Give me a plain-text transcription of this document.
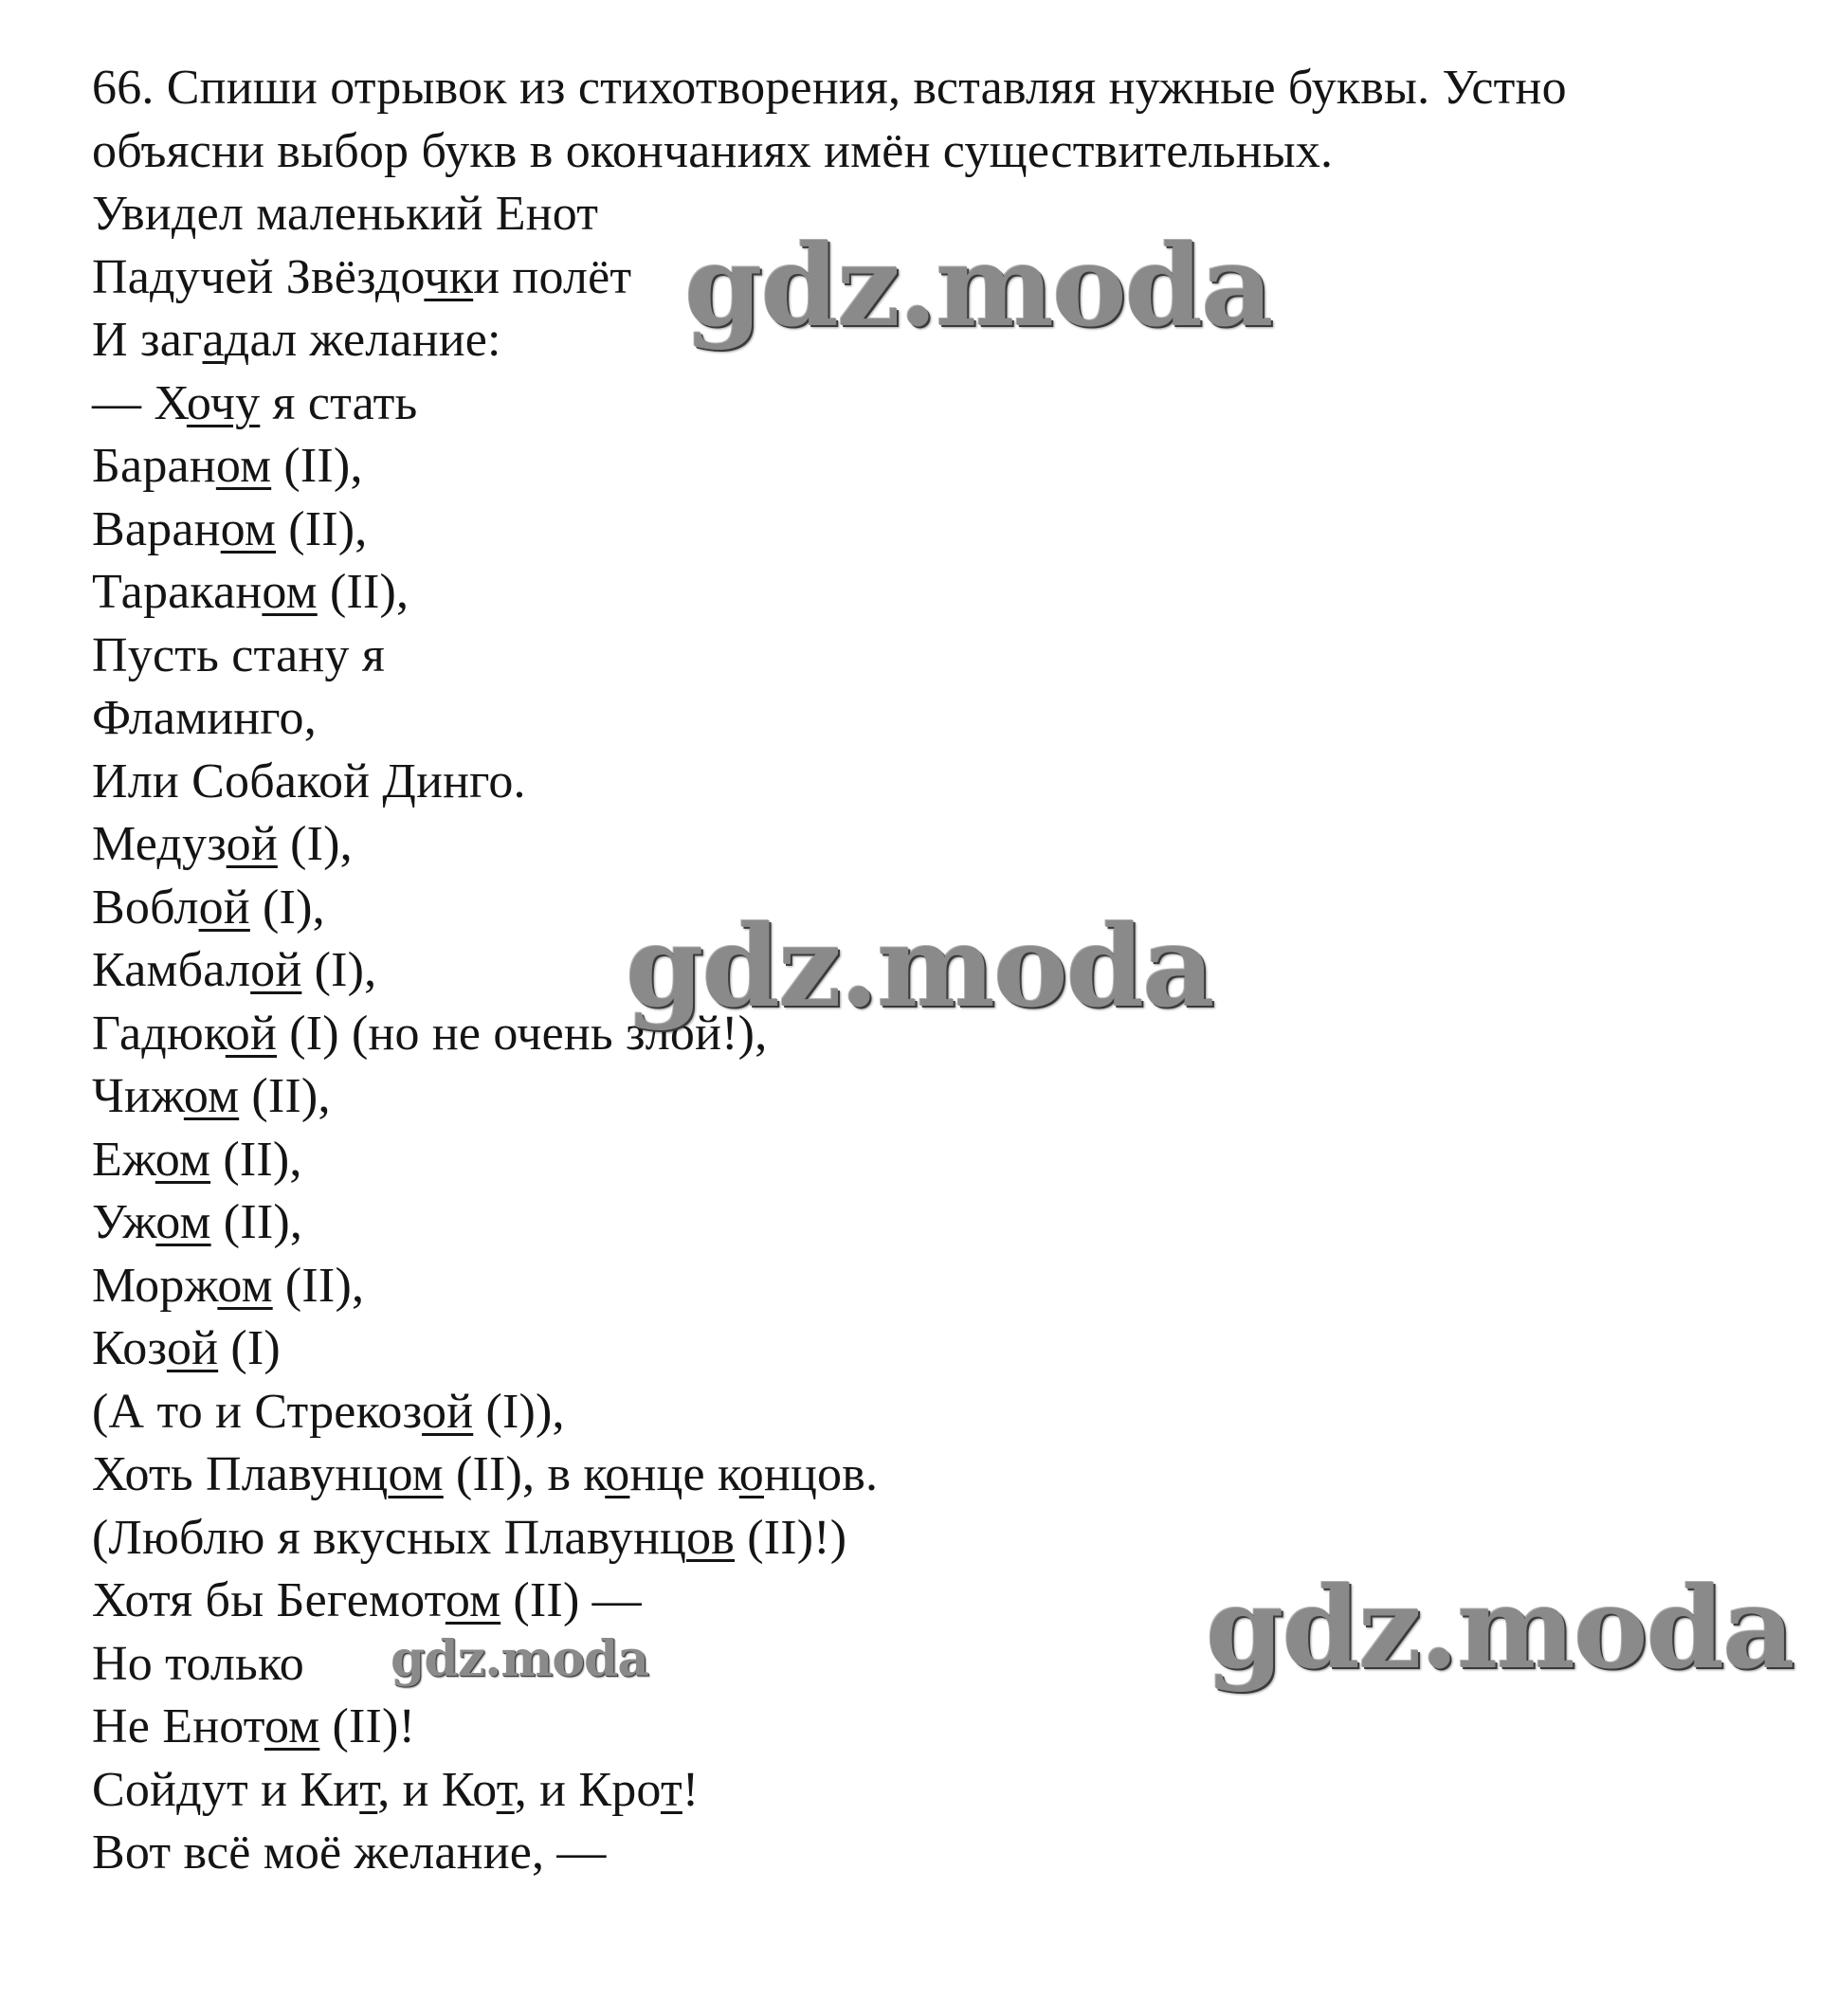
66. Спиши отрывок из стихотворения, вставляя нужные буквы. Устно
объясни выбор букв в окончаниях имён существительных.
Увидел маленький Енот
Падучей Звёздочки полёт
И загадал желание:
— Хочу я стать
Бараном (II),
Вараном (II),
Тараканом (II),
Пусть стану я
Фламинго,
Или Собакой Динго.
Медузой (I),
Воблой (I),
Камбалой (I),
Гадюкой (I) (но не очень злой!),
Чижом (II),
Ежом (II),
Ужом (II),
Моржом (II),
Козой (I)
(А то и Стрекозой (I)),
Хоть Плавунцом (II), в конце концов.
(Люблю я вкусных Плавунцов (II)!)
Хотя бы Бегемотом (II) —
Но только
Не Енотом (II)!
Сойдут и Кит, и Кот, и Крот!
Вот всё моё желание, —
gdz.moda
gdz.moda
gdz.moda
gdz.moda
